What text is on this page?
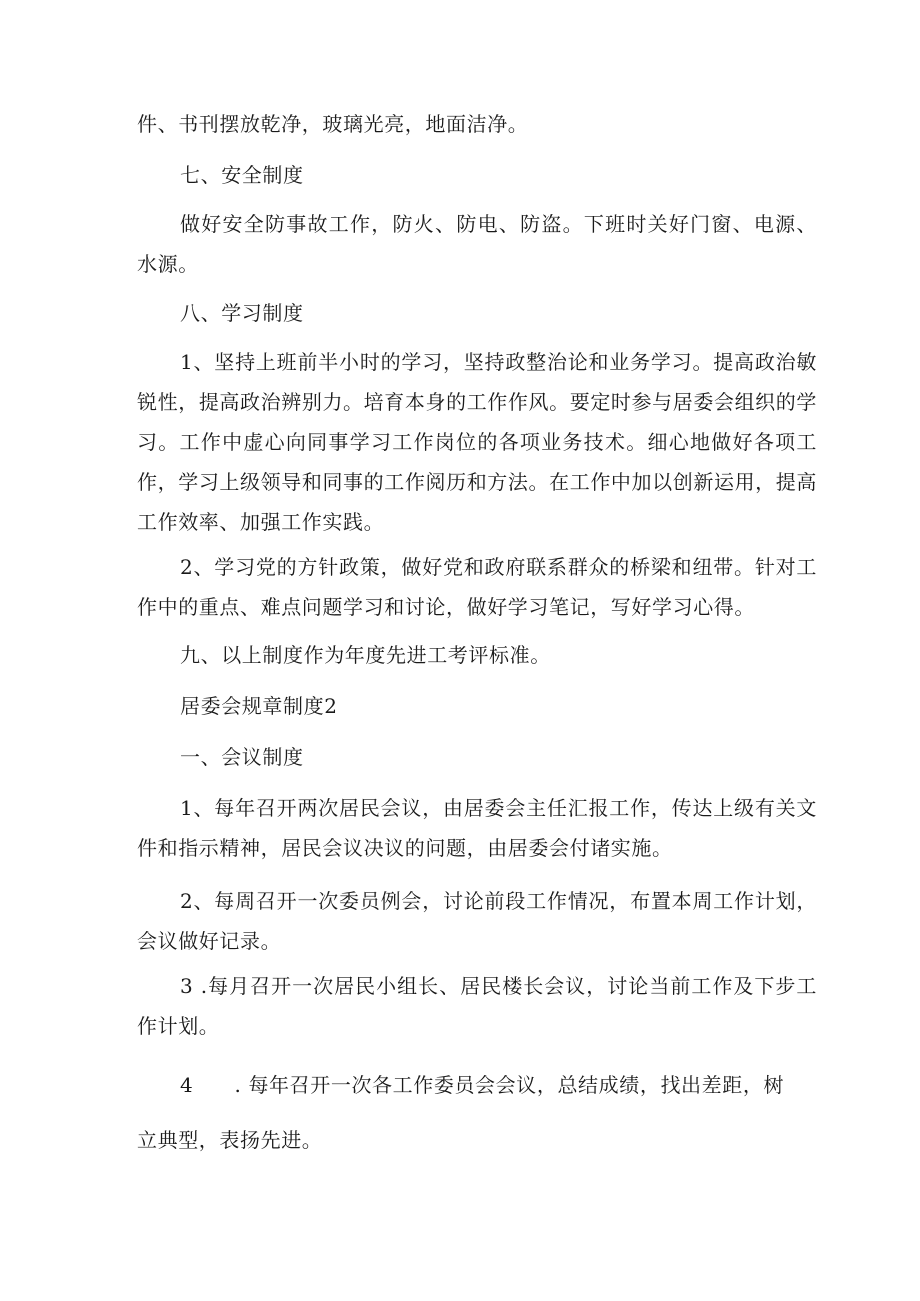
件、书刊摆放乾净，玻璃光亮，地面洁净。
七、安全制度
做好安全防事故工作，防火、防电、防盗。下班时关好门窗、电源、水源。
八、学习制度
1、坚持上班前半小时的学习，坚持政整治论和业务学习。提高政治敏锐性，提高政治辨别力。培育本身的工作作风。要定时参与居委会组织的学习。工作中虚心向同事学习工作岗位的各项业务技术。细心地做好各项工作，学习上级领导和同事的工作阅历和方法。在工作中加以创新运用，提高工作效率、加强工作实践。
2、学习党的方针政策，做好党和政府联系群众的桥梁和纽带。针对工作中的重点、难点问题学习和讨论，做好学习笔记，写好学习心得。
九、以上制度作为年度先进工考评标准。
居委会规章制度2
一、会议制度
1、每年召开两次居民会议，由居委会主任汇报工作，传达上级有关文件和指示精神，居民会议决议的问题，由居委会付诸实施。
2、每周召开一次委员例会，讨论前段工作情况，布置本周工作计划，会议做好记录。
3 .每月召开一次居民小组长、居民楼长会议，讨论当前工作及下步工作计划。
4　　. 每年召开一次各工作委员会会议，总结成绩，找出差距，树
立典型，表扬先进。
